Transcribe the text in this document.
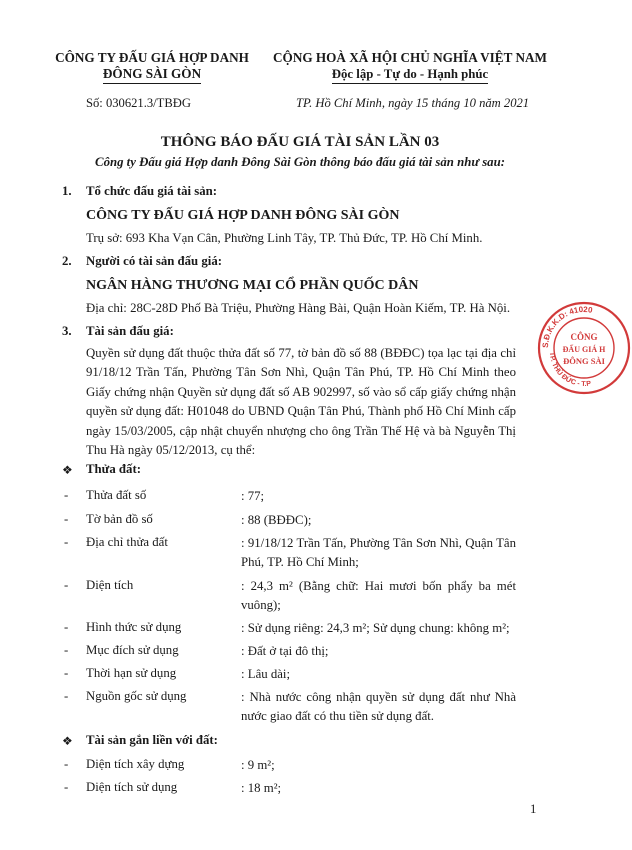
CÔNG TY ĐẤU GIÁ HỢP DANH
ĐÔNG SÀI GÒN
CỘNG HOÀ XÃ HỘI CHỦ NGHĨA VIỆT NAM
Độc lập - Tự do - Hạnh phúc
Số: 030621.3/TBĐG	TP. Hồ Chí Minh, ngày 15 tháng 10 năm 2021
THÔNG BÁO ĐẤU GIÁ TÀI SẢN LẦN 03
Công ty Đấu giá Hợp danh Đông Sài Gòn thông báo đấu giá tài sản như sau:
1. Tổ chức đấu giá tài sản:
CÔNG TY ĐẤU GIÁ HỢP DANH ĐÔNG SÀI GÒN
Trụ sở: 693 Kha Vạn Cân, Phường Linh Tây, TP. Thủ Đức, TP. Hồ Chí Minh.
2. Người có tài sản đấu giá:
NGÂN HÀNG THƯƠNG MẠI CỔ PHẦN QUỐC DÂN
Địa chỉ: 28C-28D Phố Bà Triệu, Phường Hàng Bài, Quận Hoàn Kiếm, TP. Hà Nội.
3. Tài sản đấu giá:
Quyền sử dụng đất thuộc thửa đất số 77, tờ bản đồ số 88 (BĐĐC) tọa lạc tại địa chỉ 91/18/12 Trần Tấn, Phường Tân Sơn Nhì, Quận Tân Phú, TP. Hồ Chí Minh theo Giấy chứng nhận Quyền sử dụng đất số AB 902997, số vào sổ cấp giấy chứng nhận quyền sử dụng đất: H01048 do UBND Quận Tân Phú, Thành phố Hồ Chí Minh cấp ngày 15/03/2005, cập nhật chuyển nhượng cho ông Trần Thế Hệ và bà Nguyễn Thị Thu Hà ngày 05/12/2013, cụ thể:
❖ Thửa đất:
- Thửa đất số	: 77;
- Tờ bản đồ số	: 88 (BĐĐC);
- Địa chỉ thửa đất	: 91/18/12 Trần Tấn, Phường Tân Sơn Nhì, Quận Tân Phú, TP. Hồ Chí Minh;
- Diện tích	: 24,3 m² (Bằng chữ: Hai mươi bốn phẩy ba mét vuông);
- Hình thức sử dụng	: Sử dụng riêng: 24,3 m²; Sử dụng chung: không m²;
- Mục đích sử dụng	: Đất ở tại đô thị;
- Thời hạn sử dụng	: Lâu dài;
- Nguồn gốc sử dụng	: Nhà nước công nhận quyền sử dụng đất như Nhà nước giao đất có thu tiền sử dụng đất.
❖ Tài sản gắn liền với đất:
- Diện tích xây dựng	: 9 m²;
- Diện tích sử dụng	: 18 m²;
S.Đ.K.K.D: 41020
TP. THỦ ĐỨC - T.P
CÔNG
ĐẤU GIÁ H
ĐÔNG SÀI
1
